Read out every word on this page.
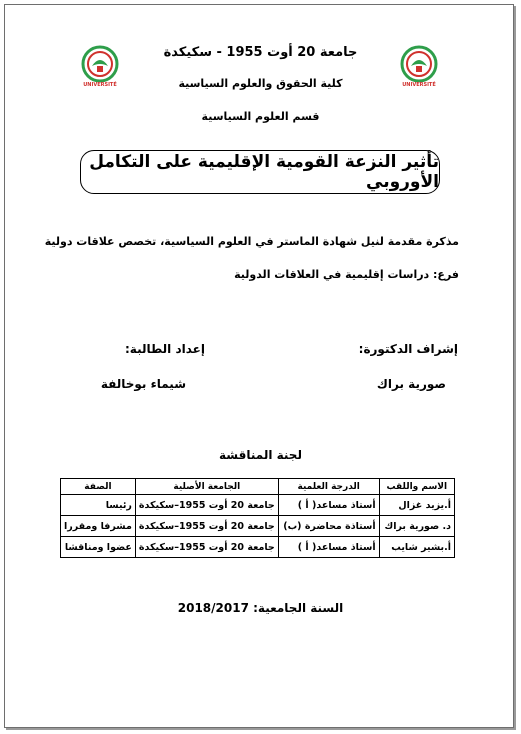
UNIVERSITÉ	UNIVERSITÉ
جامعة 20 أوت 1955 - سكيكدة
كلية الحقوق والعلوم السياسية
قسم العلوم السياسية
تأثير النزعة القومية الإقليمية على التكامل الأوروبي
مذكرة مقدمة لنيل شهادة الماستر في العلوم السياسية، تخصص علاقات دولية
فرع: دراسات إقليمية في العلاقات الدولية
إشراف الدكتورة:
إعداد الطالبة:
صورية براك
شيماء بوخالفة
لجنة المناقشة
الاسم واللقب	الدرجة العلمية	الجامعة الأصلية	الصفة
أ.يزيد غزال	أستاذ مساعد( أ )	جامعة 20 أوت 1955–سكيكدة	رئيسا
د. صورية براك	أستاذة محاضرة (ب)	جامعة 20 أوت 1955–سكيكدة	مشرفا ومقررا
أ.بشير شايب	أستاذ مساعد( أ )	جامعة 20 أوت 1955–سكيكدة	عضوا ومناقشا
السنة الجامعية: 2018/2017
